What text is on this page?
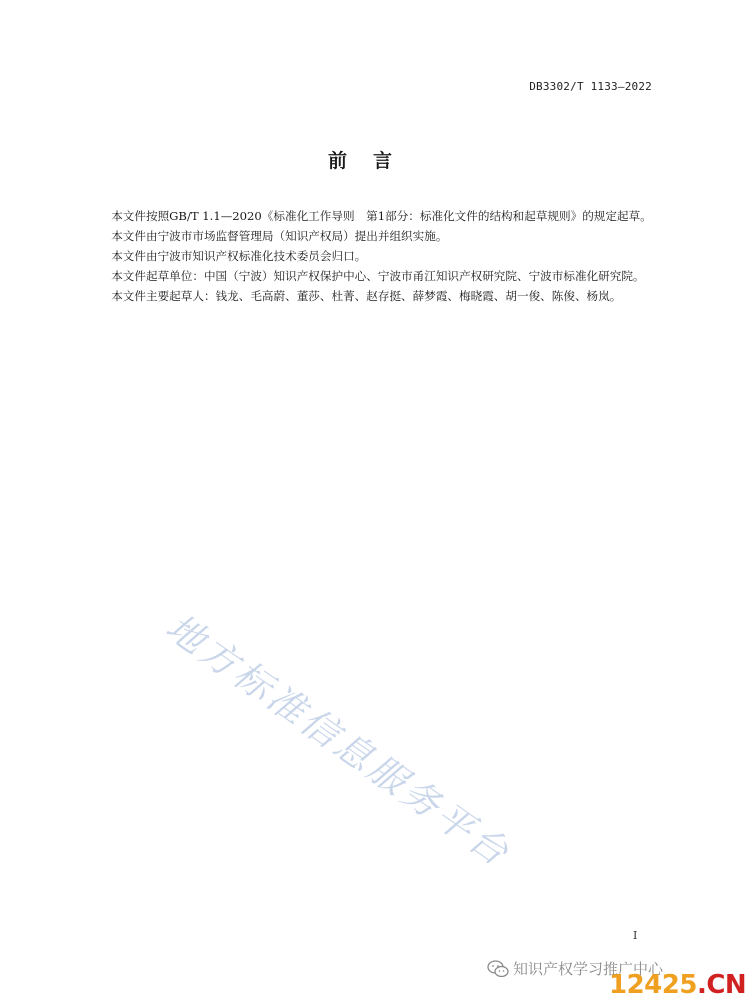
DB3302/T 1133—2022
前言

本文件按照GB/T 1.1—2020《标准化工作导则　第1部分：标准化文件的结构和起草规则》的规定起草。

本文件由宁波市市场监督管理局（知识产权局）提出并组织实施。

本文件由宁波市知识产权标准化技术委员会归口。

本文件起草单位：中国（宁波）知识产权保护中心、宁波市甬江知识产权研究院、宁波市标准化研究院。

本文件主要起草人：钱龙、毛高蔚、董莎、杜菁、赵存挺、薛梦霞、梅晓霞、胡一俊、陈俊、杨岚。

地方标准信息服务平台
I
知识产权学习推广中心
12425.CN
